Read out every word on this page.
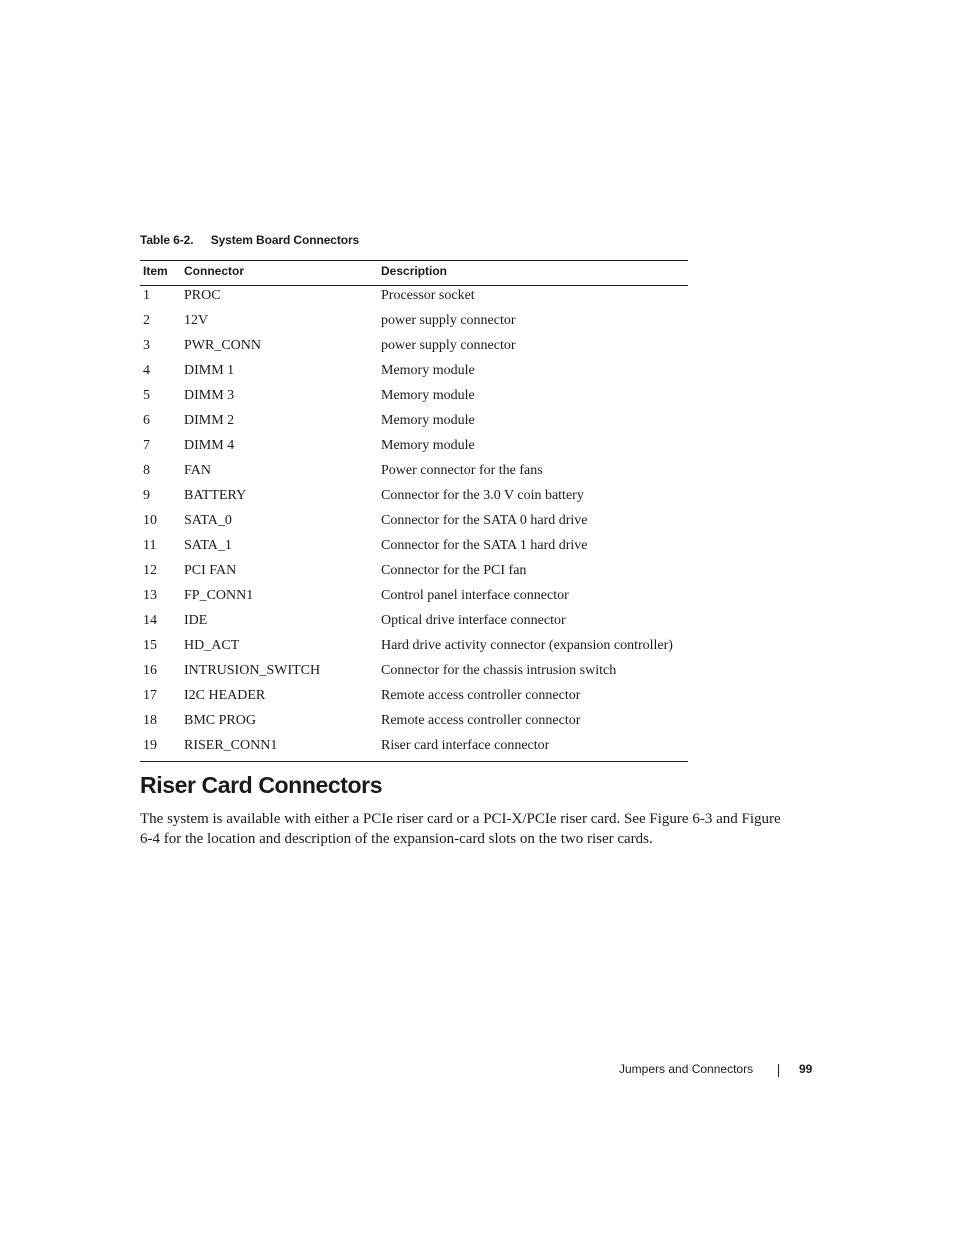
Table 6-2. System Board Connectors
Item Connector	Description
1 PROC	Processor socket
2 12V	power supply connector
3 PWR_CONN	power supply connector
4 DIMM 1	Memory module
5 DIMM 3	Memory module
6 DIMM 2	Memory module
7 DIMM 4	Memory module
8 FAN	Power connector for the fans
9 BATTERY	Connector for the 3.0 V coin battery
10 SATA_0	Connector for the SATA 0 hard drive
11 SATA_1	Connector for the SATA 1 hard drive
12 PCI FAN	Connector for the PCI fan
13 FP_CONN1	Control panel interface connector
14 IDE	Optical drive interface connector
15 HD_ACT	Hard drive activity connector (expansion controller)
16 INTRUSION_SWITCH	Connector for the chassis intrusion switch
17 I2C HEADER	Remote access controller connector
18 BMC PROG	Remote access controller connector
19 RISER_CONN1	Riser card interface connector
Riser Card Connectors

The system is available with either a PCIe riser card or a PCI-X/PCIe riser card. See Figure 6-3 and Figure 6-4 for the location and description of the expansion-card slots on the two riser cards.

Jumpers and Connectors	99
